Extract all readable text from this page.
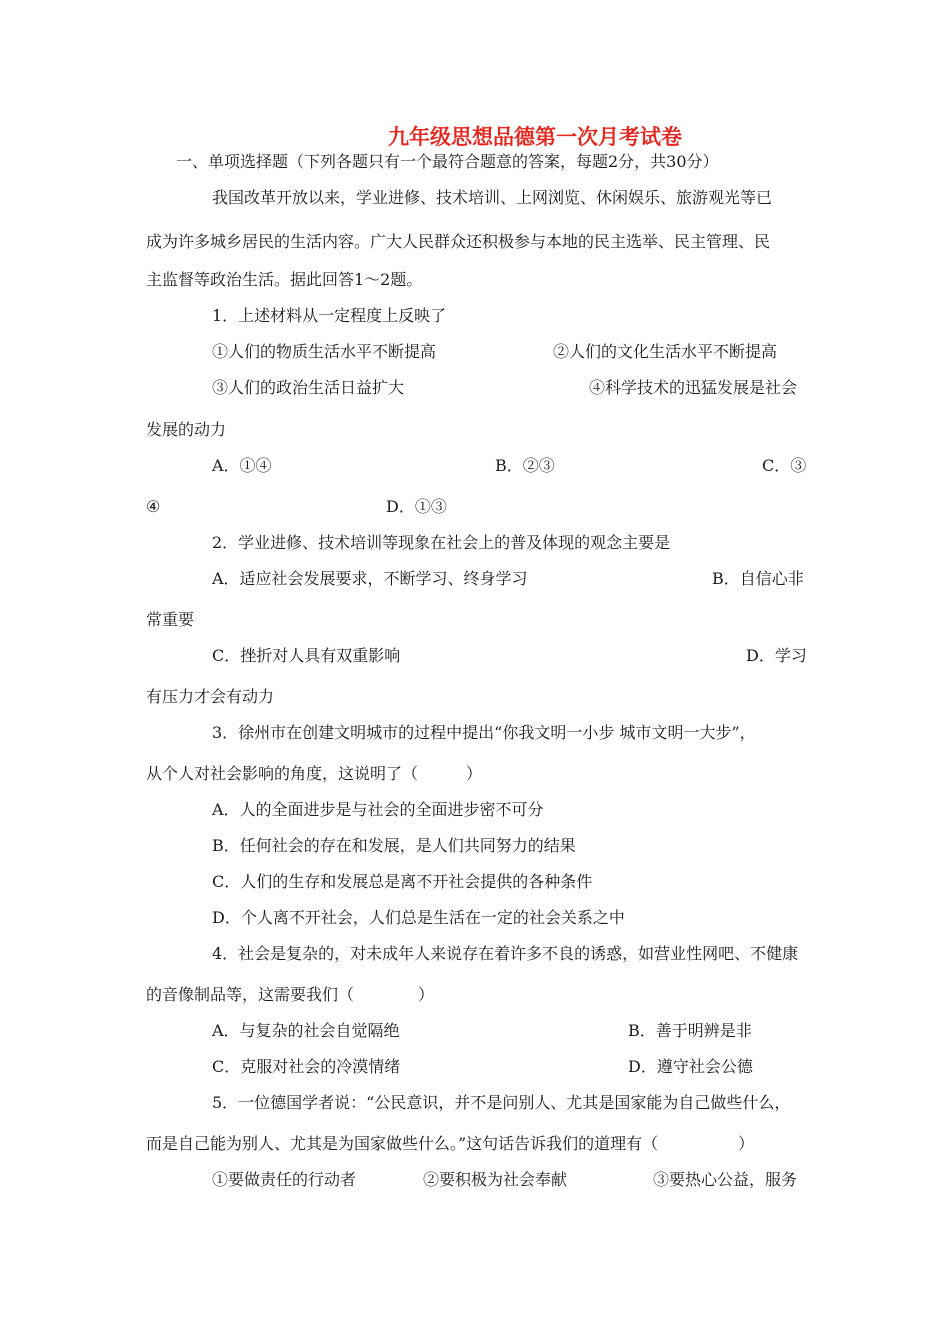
九年级思想品德第一次月考试卷
一、单项选择题（下列各题只有一个最符合题意的答案，每题2分，共30分）
我国改革开放以来，学业进修、技术培训、上网浏览、休闲娱乐、旅游观光等已
成为许多城乡居民的生活内容。广大人民群众还积极参与本地的民主选举、民主管理、民
主监督等政治生活。据此回答1～2题。
1．上述材料从一定程度上反映了
①人们的物质生活水平不断提高	②人们的文化生活水平不断提高
③人们的政治生活日益扩大	④科学技术的迅猛发展是社会
发展的动力
A．①④	B．②③	C．③
④	D．①③
2．学业进修、技术培训等现象在社会上的普及体现的观念主要是
A．适应社会发展要求，不断学习、终身学习	B．自信心非
常重要
C．挫折对人具有双重影响	D．学习
有压力才会有动力
3．徐州市在创建文明城市的过程中提出“你我文明一小步 城市文明一大步”，
从个人对社会影响的角度，这说明了（　　　）
A．人的全面进步是与社会的全面进步密不可分
B．任何社会的存在和发展，是人们共同努力的结果
C．人们的生存和发展总是离不开社会提供的各种条件
D．个人离不开社会，人们总是生活在一定的社会关系之中
4．社会是复杂的，对未成年人来说存在着许多不良的诱惑，如营业性网吧、不健康
的音像制品等，这需要我们（　　　　）
A．与复杂的社会自觉隔绝	B．善于明辨是非
C．克服对社会的冷漠情绪	D．遵守社会公德
5．一位德国学者说：“公民意识，并不是问别人、尤其是国家能为自己做些什么，
而是自己能为别人、尤其是为国家做些什么。”这句话告诉我们的道理有（　　　　　）
①要做责任的行动者	②要积极为社会奉献	③要热心公益，服务
